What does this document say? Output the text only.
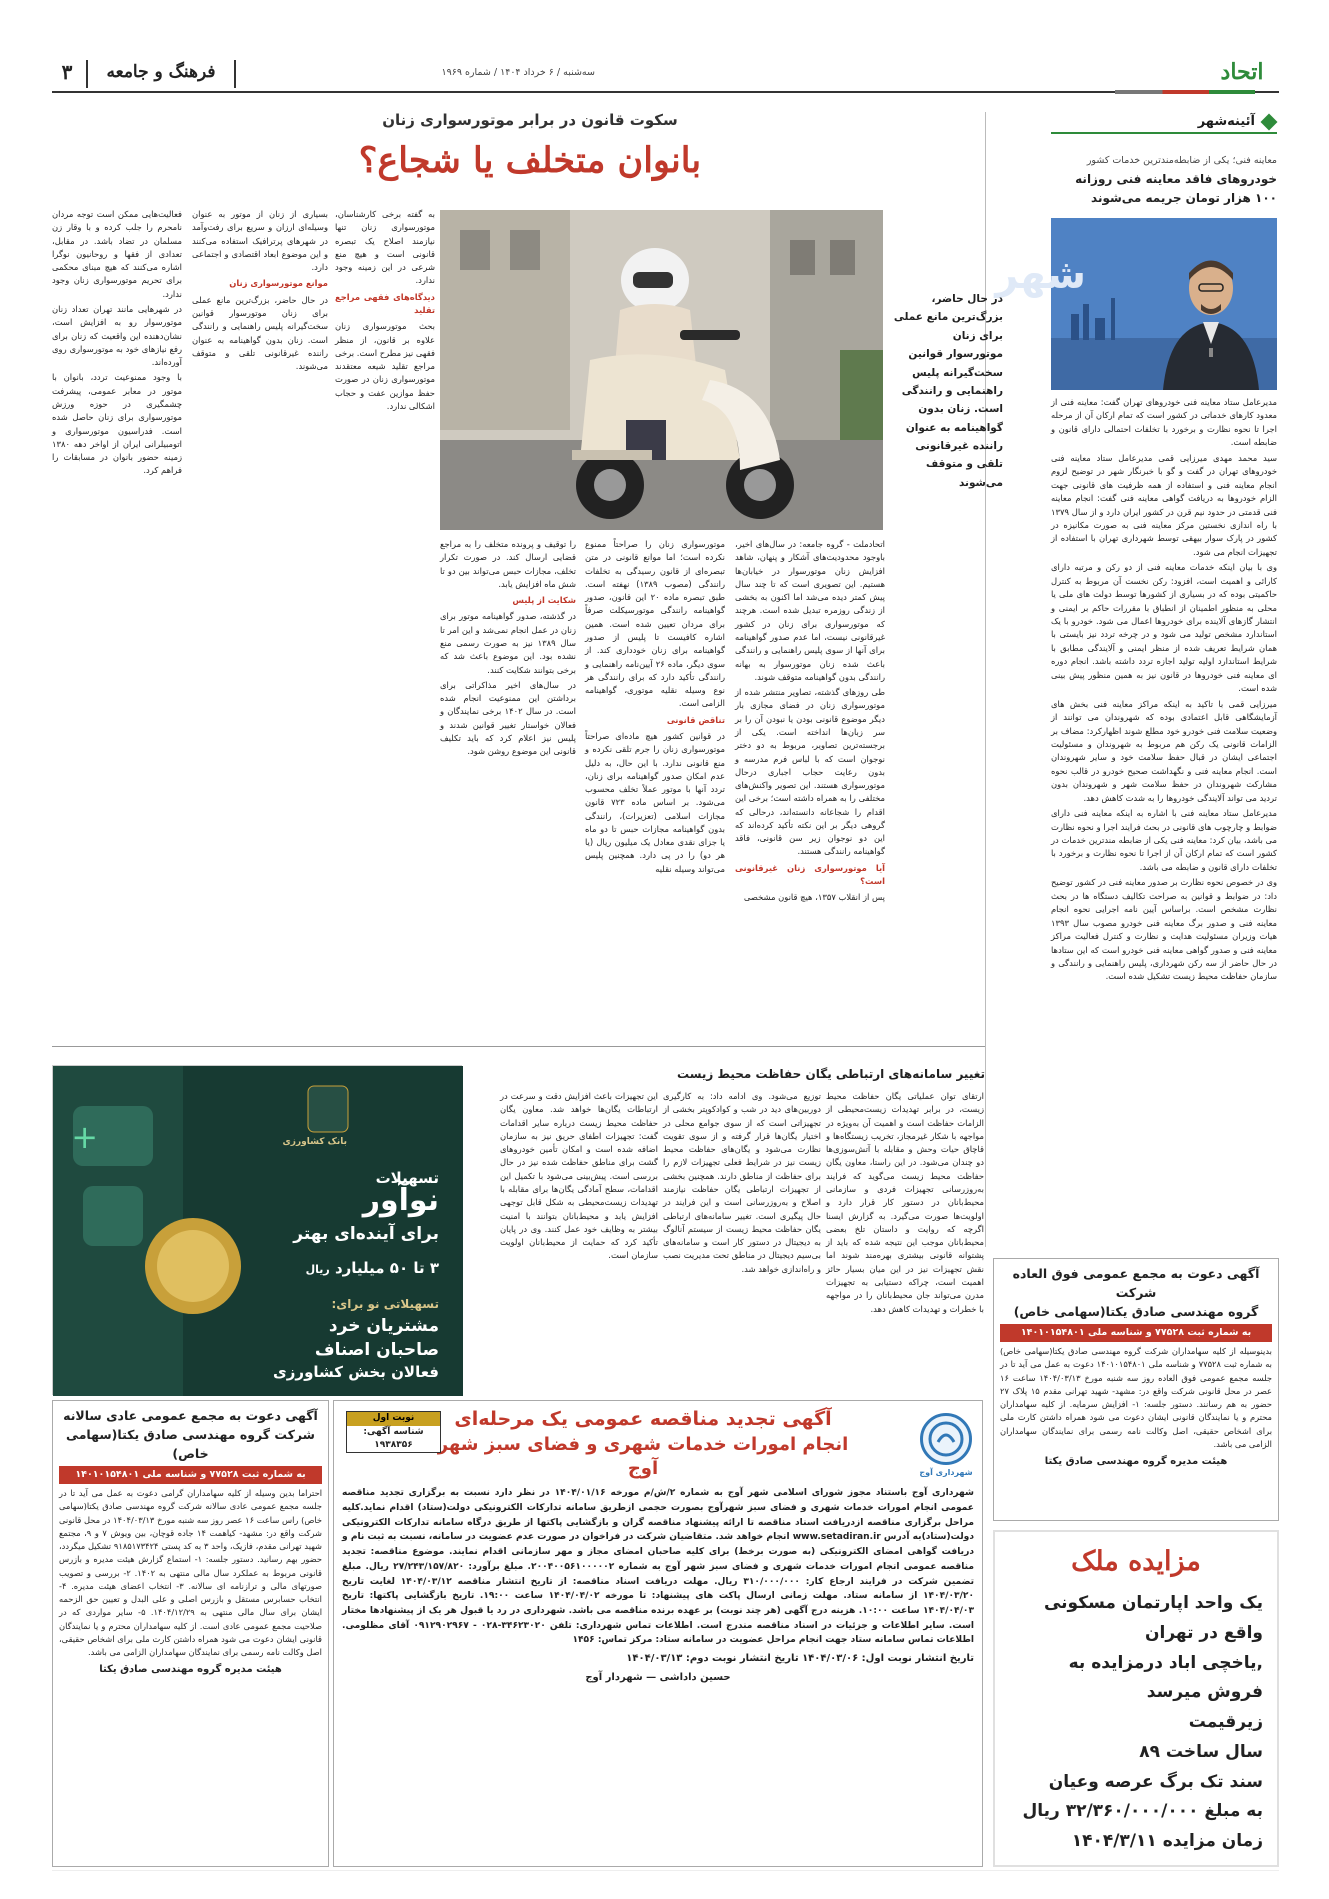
۳	فرهنگ و جامعه	سه‌شنبه / ۶ خرداد ۱۴۰۴ / شماره ۱۹۶۹	اتحاد
آئینه‌شهر
معاینه فنی؛ یکی از ضابطه‌مندترین خدمات کشور
خودروهای فاقد معاینه فنی روزانه ۱۰۰ هزار تومان جریمه می‌شوند
شهر

مدیرعامل ستاد معاینه فنی خودروهای تهران گفت: معاینه فنی از معدود کارهای خدماتی در کشور است که تمام ارکان آن از مرحله اجرا تا نحوه نظارت و برخورد با تخلفات احتمالی دارای قانون و ضابطه است.

سید محمد مهدی میرزایی قمی مدیرعامل ستاد معاینه فنی خودروهای تهران در گفت و گو با خبرنگار شهر در توضیح لزوم انجام معاینه فنی و استفاده از همه ظرفیت های قانونی جهت الزام خودروها به دریافت گواهی معاینه فنی گفت: انجام معاینه فنی قدمتی در حدود نیم قرن در کشور ایران دارد و از سال ۱۳۷۹ با راه اندازی نخستین مرکز معاینه فنی به صورت مکانیزه در کشور در پارک سوار بیهقی توسط شهرداری تهران با استفاده از تجهیزات انجام می شود.

وی با بیان اینکه خدمات معاینه فنی از دو رکن و مرتبه دارای کارائی و اهمیت است، افزود: رکن نخست آن مربوط به کنترل حاکمیتی بوده که در بسیاری از کشورها توسط دولت های ملی یا محلی به منظور اطمینان از انطباق با مقررات حاکم بر ایمنی و انتشار گازهای آلاینده برای خودروها اعمال می شود. خودرو با یک استاندارد مشخص تولید می شود و در چرخه تردد نیز بایستی با همان شرایط تعریف شده از منظر ایمنی و آلایندگی مطابق با شرایط استاندارد اولیه تولید اجازه تردد داشته باشد. انجام دوره ای معاینه فنی خودروها در قانون نیز به همین منظور پیش بینی شده است.

میرزایی قمی با تاکید به اینکه مراکز معاینه فنی بخش های آزمایشگاهی قابل اعتمادی بوده که شهروندان می توانند از وضعیت سلامت فنی خودرو خود مطلع شوند اظهارکرد: مضاف بر الزامات قانونی یک رکن هم مربوط به شهروندان و مسئولیت اجتماعی ایشان در قبال حفظ سلامت خود و سایر شهروندان است. انجام معاینه فنی و نگهداشت صحیح خودرو در قالب نحوه مشارکت شهروندان در حفظ سلامت شهر و شهروندان بدون تردید می تواند آلایندگی خودروها را به شدت کاهش دهد.

مدیرعامل ستاد معاینه فنی با اشاره به اینکه معاینه فنی دارای ضوابط و چارچوب های قانونی در بحث فرایند اجرا و نحوه نظارت می باشد، بیان کرد: معاینه فنی یکی از ضابطه مندترین خدمات در کشور است که تمام ارکان آن از اجرا تا نحوه نظارت و برخورد با تخلفات دارای قانون و ضابطه می باشد.

وی در خصوص نحوه نظارت بر صدور معاینه فنی در کشور توضیح داد: در ضوابط و قوانین به صراحت تکالیف دستگاه ها در بحث نظارت مشخص است. براساس آیین نامه اجرایی نحوه انجام معاینه فنی و صدور برگ معاینه فنی خودرو مصوب سال ۱۳۹۳ هیات وزیران مسئولیت هدایت و نظارت و کنترل فعالیت مراکز معاینه فنی و صدور گواهی معاینه فنی خودرو است که این ستادها در حال حاضر از سه رکن شهرداری، پلیس راهنمایی و رانندگی و سازمان حفاظت محیط زیست تشکیل شده است.

سکوت قانون در برابر موتورسواری زنان
بانوان متخلف یا شجاع؟
در حال حاضر، بزرگ‌ترین مانع عملی برای زنان موتورسوار قوانین سخت‌گیرانه پلیس راهنمایی و رانندگی است. زنان بدون گواهینامه به عنوان راننده غیرقانونی تلقی و متوقف می‌شوند

اتحادملت - گروه جامعه: در سال‌های اخیر، باوجود محدودیت‌های آشکار و پنهان، شاهد افزایش زنان موتورسوار در خیابان‌ها هستیم. این تصویری است که تا چند سال پیش کمتر دیده می‌شد اما اکنون به بخشی از زندگی روزمره تبدیل شده است. هرچند که موتورسواری برای زنان در کشور غیرقانونی نیست، اما عدم صدور گواهینامه برای آنها از سوی پلیس راهنمایی و رانندگی باعث شده زنان موتورسوار به بهانه رانندگی بدون گواهینامه متوقف شوند.

طی روزهای گذشته، تصاویر منتشر شده از موتورسواری زنان در فضای مجازی بار دیگر موضوع قانونی بودن یا نبودن آن را بر سر زبان‌ها انداخته است. یکی از برجسته‌ترین تصاویر، مربوط به دو دختر نوجوان است که با لباس فرم مدرسه و بدون رعایت حجاب اجباری درحال موتورسواری هستند. این تصویر واکنش‌های مختلفی را به همراه داشته است؛ برخی این اقدام را شجاعانه دانسته‌اند، درحالی که گروهی دیگر بر این نکته تأکید کرده‌اند که این دو نوجوان زیر سن قانونی، فاقد گواهینامه رانندگی هستند.

آیا موتورسواری زنان غیرقانونی است؟

پس از انقلاب ۱۳۵۷، هیچ قانون مشخصی

موتورسواری زنان را صراحتاً ممنوع نکرده است؛ اما موانع قانونی در متن تبصره‌ای از قانون رسیدگی به تخلفات رانندگی (مصوب ۱۳۸۹) نهفته است. طبق تبصره ماده ۲۰ این قانون، صدور گواهینامه رانندگی موتورسیکلت صرفاً برای مردان تعیین شده است. همین اشاره کافیست تا پلیس از صدور گواهینامه برای زنان خودداری کند. از سوی دیگر، ماده ۲۶ آیین‌نامه راهنمایی و رانندگی تأکید دارد که برای رانندگی هر نوع وسیله نقلیه موتوری، گواهینامه الزامی است.

تناقض قانونی

در قوانین کشور هیچ ماده‌ای صراحتاً موتورسواری زنان را جرم تلقی نکرده و منع قانونی ندارد. با این حال، به دلیل عدم امکان صدور گواهینامه برای زنان، تردد آنها با موتور عملاً تخلف محسوب می‌شود. بر اساس ماده ۷۲۳ قانون مجازات اسلامی (تعزیرات)، رانندگی بدون گواهینامه مجازات حبس تا دو ماه یا جزای نقدی معادل یک میلیون ریال (یا هر دو) را در پی دارد. همچنین پلیس می‌تواند وسیله نقلیه

را توقیف و پرونده متخلف را به مراجع قضایی ارسال کند. در صورت تکرار تخلف، مجازات حبس می‌تواند بین دو تا شش ماه افزایش یابد.

شکایت از پلیس

در گذشته، صدور گواهینامه موتور برای زنان در عمل انجام نمی‌شد و این امر تا سال ۱۳۸۹ نیز به صورت رسمی منع نشده بود. این موضوع باعث شد که برخی بتوانند شکایت کنند.

در سال‌های اخیر مذاکراتی برای برداشتن این ممنوعیت انجام شده است. در سال ۱۴۰۲ برخی نمایندگان و فعالان خواستار تغییر قوانین شدند و پلیس نیز اعلام کرد که باید تکلیف قانونی این موضوع روشن شود.

به گفته برخی کارشناسان، موتورسواری زنان تنها نیازمند اصلاح یک تبصره قانونی است و هیچ منع شرعی در این زمینه وجود ندارد.

دیدگاه‌های فقهی مراجع تقلید

بحث موتورسواری زنان علاوه بر قانون، از منظر فقهی نیز مطرح است. برخی مراجع تقلید شیعه معتقدند موتورسواری زنان در صورت حفظ موازین عفت و حجاب اشکالی ندارد.

بسیاری از زنان از موتور به عنوان وسیله‌ای ارزان و سریع برای رفت‌وآمد در شهرهای پرترافیک استفاده می‌کنند و این موضوع ابعاد اقتصادی و اجتماعی دارد.

موانع موتورسواری زنان

در حال حاضر، بزرگ‌ترین مانع عملی برای زنان موتورسوار قوانین سخت‌گیرانه پلیس راهنمایی و رانندگی است. زنان بدون گواهینامه به عنوان راننده غیرقانونی تلقی و متوقف می‌شوند.

فعالیت‌هایی ممکن است توجه مردان نامحرم را جلب کرده و با وقار زن مسلمان در تضاد باشد. در مقابل، تعدادی از فقها و روحانیون نوگرا اشاره می‌کنند که هیچ مبنای محکمی برای تحریم موتورسواری زنان وجود ندارد.

در شهرهایی مانند تهران تعداد زنان موتورسوار رو به افزایش است، نشان‌دهنده این واقعیت که زنان برای رفع نیازهای خود به موتورسواری روی آورده‌اند.

با وجود ممنوعیت تردد، بانوان با موتور در معابر عمومی، پیشرفت چشمگیری در حوزه ورزش موتورسواری برای زنان حاصل شده است. فدراسیون موتورسواری و اتومبیلرانی ایران از اواخر دهه ۱۳۸۰ زمینه حضور بانوان در مسابقات را فراهم کرد.

+	بانک کشاورزی
تسهیلات
نوآور
برای آینده‌ای بهتر
۳ تا ۵۰ میلیارد ریال
تسهیلاتی نو برای:
مشتریان خرد
صاحبان اصناف
فعالان بخش کشاورزی
تغییر سامانه‌های ارتباطی یگان حفاظت محیط زیست
ارتقای توان عملیاتی یگان حفاظت محیط زیست، در برابر تهدیدات زیست‌محیطی از الزامات حفاظت است و اهمیت آن به‌ویژه در مواجهه با شکار غیرمجاز، تخریب زیستگاه‌ها و قاچاق حیات وحش و مقابله با آتش‌سوزی‌ها دو چندان می‌شود. در این راستا، معاون یگان حفاظت محیط زیست می‌گوید که فرایند به‌روزرسانی تجهیزات فردی و سازمانی محیط‌بانان در دستور کار قرار دارد و اولویت‌ها صورت می‌گیرد. به گزارش ایسنا اگرچه که روایت و داستان تلخ بعضی محیط‌بانان موجب این نتیجه شده که باید از پشتوانه قانونی بیشتری بهره‌مند شوند اما نقش تجهیزات نیز در این میان بسیار حائز اهمیت است، چراکه دستیابی به تجهیزات مدرن می‌تواند جان محیط‌بانان را در مواجهه با خطرات و تهدیدات کاهش دهد.
توزیع می‌شود. وی ادامه داد: به کارگیری دوربین‌های دید در شب و کوادکوپتر بخشی از تجهیزاتی است که از سوی جوامع محلی در اختیار یگان‌ها قرار گرفته و از سوی تقویت نظارت می‌شود و یگان‌های حفاظت محیط زیست نیز در شرایط فعلی تجهیزات لازم را برای حفاظت از مناطق دارند. همچنین بخشی از تجهیزات ارتباطی یگان حفاظت نیازمند اصلاح و به‌روزرسانی است و این فرایند در حال پیگیری است. تغییر سامانه‌های ارتباطی یگان حفاظت محیط زیست از سیستم آنالوگ به دیجیتال در دستور کار است و سامانه‌های بی‌سیم دیجیتال در مناطق تحت مدیریت نصب و راه‌اندازی خواهد شد.
این تجهیزات باعث افزایش دقت و سرعت در ارتباطات یگان‌ها خواهد شد. معاون یگان حفاظت محیط زیست درباره سایر اقدامات گفت: تجهیزات اطفای حریق نیز به سازمان اضافه شده است و امکان تأمین خودروهای گشت برای مناطق حفاظت شده نیز در حال بررسی است. پیش‌بینی می‌شود با تکمیل این اقدامات، سطح آمادگی یگان‌ها برای مقابله با تهدیدات زیست‌محیطی به شکل قابل توجهی افزایش یابد و محیط‌بانان بتوانند با امنیت بیشتر به وظایف خود عمل کنند. وی در پایان تأکید کرد که حمایت از محیط‌بانان اولویت سازمان است.
آگهی دعوت به مجمع عمومی فوق العاده شرکت
گروه مهندسی صادق یکتا(سهامی خاص)
به شماره ثبت ۷۷۵۲۸ و شناسه ملی ۱۴۰۱۰۱۵۴۸۰۱
بدینوسیله از کلیه سهامداران شرکت گروه مهندسی صادق یکتا(سهامی خاص) به شماره ثبت ۷۷۵۲۸ و شناسه ملی ۱۴۰۱۰۱۵۴۸۰۱ دعوت به عمل می آید تا در جلسه مجمع عمومی فوق العاده روز سه شنبه مورخ ۱۴۰۴/۰۳/۱۳ ساعت ۱۶ عصر در محل قانونی شرکت واقع در: مشهد- شهید تهرانی مقدم ۱۵ پلاک ۲۷ حضور به هم رسانند. دستور جلسه: ۱- افزایش سرمایه. از کلیه سهامداران محترم و یا نمایندگان قانونی ایشان دعوت می شود همراه داشتن کارت ملی برای اشخاص حقیقی، اصل وکالت نامه رسمی برای نمایندگان سهامداران الزامی می باشد.
هیئت مدیره گروه مهندسی صادق یکتا
مزایده ملک

یک واحد اپارتمان مسکونی واقع در تهران

,یاخچی اباد درمزایده به فروش میرسد

زیرقیمت

سال ساخت ۸۹

سند تک برگ عرصه وعیان

به مبلغ ۳۲/۳۶۰/۰۰۰/۰۰۰ ریال

زمان مزایده ۱۴۰۴/۳/۱۱

نوبت اول
شناسه آگهی: ۱۹۳۸۳۵۶
شهرداری آوج
آگهی تجدید مناقصه عمومی یک مرحله‌ای
انجام امورات خدمات شهری و فضای سبز شهر آوج
شهرداری آوج باستناد مجوز شورای اسلامی شهر آوج به شماره ۲/ش/م مورخه ۱۴۰۴/۰۱/۱۶ در نظر دارد نسبت به برگزاری تجدید مناقصه عمومی انجام امورات خدمات شهری و فضای سبز شهرآوج بصورت حجمی ازطریق سامانه تدارکات الکترونیکی دولت(ستاد) اقدام نماید.کلیه مراحل برگزاری مناقصه ازدریافت اسناد مناقصه تا ارائه پیشنهاد مناقصه گران و بازگشایی پاکتها از طریق درگاه سامانه تدارکات الکترونیکی دولت(ستاد)به آدرس www.setadiran.ir انجام خواهد شد. متقاضیان شرکت در فراخوان در صورت عدم عضویت در سامانه، نسبت به ثبت نام و دریافت گواهی امضای الکترونیکی (به صورت برخط) برای کلیه صاحبان امضای مجاز و مهر سازمانی اقدام نمایند. موضوع مناقصه: تجدید مناقصه عمومی انجام امورات خدمات شهری و فضای سبز شهر آوج به شماره ۲۰۰۴۰۰۵۶۱۰۰۰۰۰۲. مبلغ برآورد: ۲۷/۲۴۳/۱۵۷/۸۲۰ ریال. مبلغ تضمین شرکت در فرایند ارجاع کار: ۳۱۰/۰۰۰/۰۰۰ ریال. مهلت دریافت اسناد مناقصه: از تاریخ انتشار مناقصه ۱۴۰۴/۰۳/۱۲ لغایت تاریخ ۱۴۰۴/۰۳/۲۰ از سامانه ستاد. مهلت زمانی ارسال پاکت های پیشنهاد: تا مورخه ۱۴۰۴/۰۴/۰۲ ساعت ۱۹:۰۰. تاریخ بازگشایی پاکتها: تاریخ ۱۴۰۴/۰۴/۰۳ ساعت ۱۰:۰۰. هزینه درج آگهی (هر چند نوبت) بر عهده برنده مناقصه می باشد. شهرداری در رد یا قبول هر یک از پیشنهادها مختار است. سایر اطلاعات و جزئیات در اسناد مناقصه مندرج است. اطلاعات تماس شهرداری: تلفن ۳۴۶۲۳۰۲۰-۰۲۸ - ۰۹۱۲۹۰۲۹۶۷ آقای مظلومی. اطلاعات تماس سامانه ستاد جهت انجام مراحل عضویت در سامانه ستاد: مرکز تماس: ۱۴۵۶
تاریخ انتشار نوبت اول: ۱۴۰۴/۰۳/۰۶ تاریخ انتشار نوبت دوم: ۱۴۰۴/۰۳/۱۳
حسین داداشی — شهردار آوج
آگهی دعوت به مجمع عمومی عادی سالانه
شرکت گروه مهندسی صادق یکتا(سهامی خاص)
به شماره ثبت ۷۷۵۲۸ و شناسه ملی ۱۴۰۱۰۱۵۴۸۰۱
احتراما بدین وسیله از کلیه سهامداران گرامی دعوت به عمل می آید تا در جلسه مجمع عمومی عادی سالانه شرکت گروه مهندسی صادق یکتا(سهامی خاص) راس ساعت ۱۶ عصر روز سه شنبه مورخ ۱۴۰۴/۰۳/۱۳ در محل قانونی شرکت واقع در: مشهد- کیاهمت ۱۴ جاده قوچان، بین ویوش ۷ و ۹، مجتمع شهید تهرانی مقدم، فازیک، واحد ۳ به کد پستی ۹۱۸۵۱۷۳۴۲۴ تشکیل میگردد، حضور بهم رسانید. دستور جلسه: ۱- استماع گزارش هیئت مدیره و بازرس قانونی مربوط به عملکرد سال مالی منتهی به ۱۴۰۲. ۲- بررسی و تصویب صورتهای مالی و ترازنامه ای سالانه. ۳- انتخاب اعضای هیئت مدیره. ۴- انتخاب حسابرس مستقل و بازرس اصلی و علی البدل و تعیین حق الزحمه ایشان برای سال مالی منتهی به ۱۴۰۴/۱۲/۲۹. ۵- سایر مواردی که در صلاحیت مجمع عمومی عادی است. از کلیه سهامداران محترم و یا نمایندگان قانونی ایشان دعوت می شود همراه داشتن کارت ملی برای اشخاص حقیقی، اصل وکالت نامه رسمی برای نمایندگان سهامداران الزامی می باشد.
هیئت مدیره گروه مهندسی صادق یکتا
